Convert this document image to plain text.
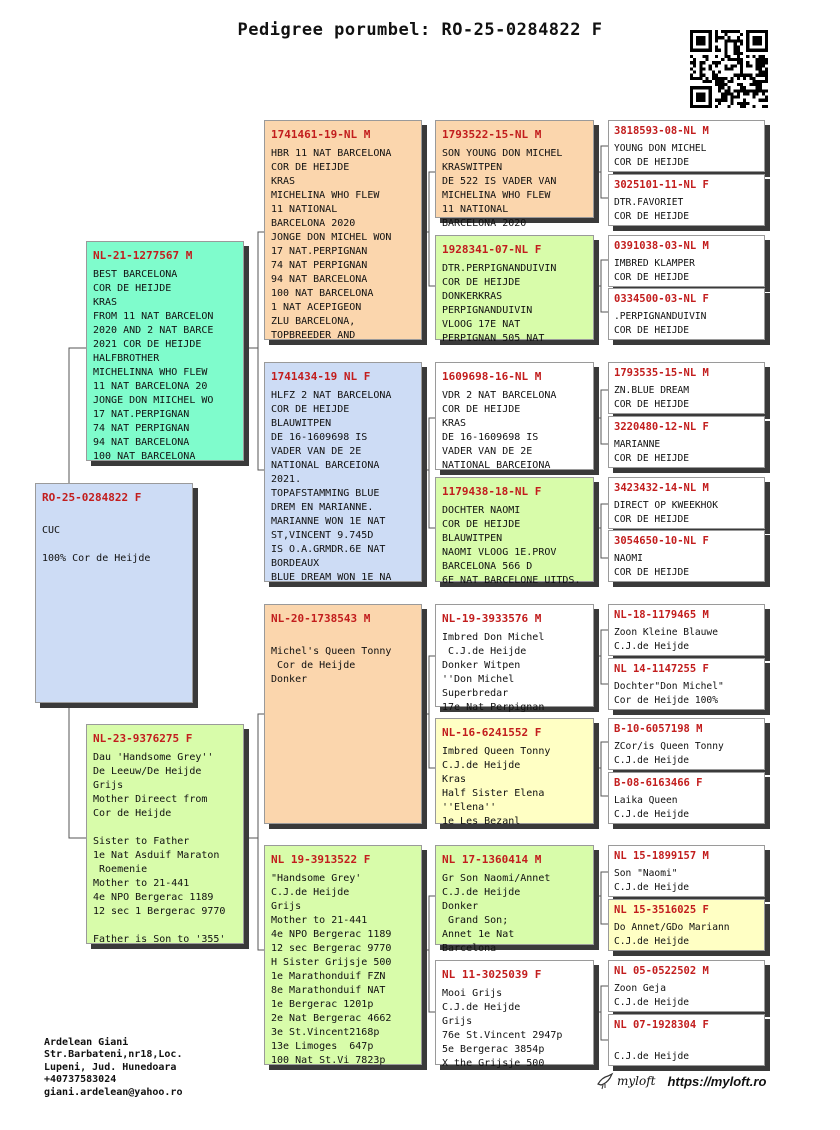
Pedigree porumbel: RO-25-0284822 F
RO-25-0284822 F

CUC

100% Cor de Heijde
NL-21-1277567 M
BEST BARCELONA
COR DE HEIJDE
KRAS
FROM 11 NAT BARCELON
2020 AND 2 NAT BARCE
2021 COR DE HEIJDE
HALFBROTHER
MICHELINNA WHO FLEW
11 NAT BARCELONA 20
JONGE DON MIICHEL WO
17 NAT.PERPIGNAN
74 NAT PERPIGNAN
94 NAT BARCELONA
100 NAT BARCELONA
NL-23-9376275 F
Dau 'Handsome Grey''
De Leeuw/De Heijde
Grijs
Mother Direect from
Cor de Heijde

Sister to Father
1e Nat Asduif Maraton
Roemenie
Mother to 21-441
4e NPO Bergerac 1189
12 sec 1 Bergerac 9770

Father is Son to '355'
1741461-19-NL M
HBR 11 NAT BARCELONA
COR DE HEIJDE
KRAS
MICHELINA WHO FLEW
11 NATIONAL
BARCELONA 2020
JONGE DON MICHEL WON
17 NAT.PERPIGNAN
74 NAT PERPIGNAN
94 NAT BARCELONA
100 NAT BARCELONA
1 NAT ACEPIGEON
ZLU BARCELONA,
TOPBREEDER AND
1741434-19 NL F
HLFZ 2 NAT BARCELONA
COR DE HEIJDE
BLAUWITPEN
DE 16-1609698 IS
VADER VAN DE 2E
NATIONAL BARCEIONA
2021.
TOPAFSTAMMING BLUE
DREM EN MARIANNE.
MARIANNE WON 1E NAT
ST,VINCENT 9.745D
IS O.A.GRMDR.6E NAT
BORDEAUX
BLUE DREAM WON 1E NA
NL-20-1738543 M

Michel's Queen Tonny
Cor de Heijde
Donker
NL 19-3913522 F
"Handsome Grey'
C.J.de Heijde
Grijs
Mother to 21-441
4e NPO Bergerac 1189
12 sec Bergerac 9770
H Sister Grijsje 500
1e Marathonduif FZN
8e Marathonduif NAT
1e Bergerac 1201p
2e Nat Bergerac 4662
3e St.Vincent2168p
13e Limoges  647p
100 Nat St.Vi 7823p
1793522-15-NL M
SON YOUNG DON MICHEL
KRASWITPEN
DE 522 IS VADER VAN
MICHELINA WHO FLEW
11 NATIONAL
BARCELONA 2020
1928341-07-NL F
DTR.PERPIGNANDUIVIN
COR DE HEIJDE
DONKERKRAS
PERPIGNANDUIVIN
VLOOG 17E NAT
PERPIGNAN 505 NAT
1609698-16-NL M
VDR 2 NAT BARCELONA
COR DE HEIJDE
KRAS
DE 16-1609698 IS
VADER VAN DE 2E
NATIONAL BARCEIONA
1179438-18-NL F
DOCHTER NAOMI
COR DE HEIJDE
BLAUWITPEN
NAOMI VLOOG 1E.PROV
BARCELONA 566 D
6E NAT BARCELONE UITDS.
NL-19-3933576 M
Imbred Don Michel
C.J.de Heijde
Donker Witpen
''Don Michel
Superbredar
17e Nat Perpignan
NL-16-6241552 F
Imbred Queen Tonny
C.J.de Heijde
Kras
Half Sister Elena
''Elena''
1e Les Bezanl
NL 17-1360414 M
Gr Son Naomi/Annet
C.J.de Heijde
Donker
Grand Son;
Annet 1e Nat
Barcelona
NL 11-3025039 F
Mooi Grijs
C.J.de Heijde
Grijs
76e St.Vincent 2947p
5e Bergerac 3854p
X the Grijsje 500
3818593-08-NL M
YOUNG DON MICHEL
COR DE HEIJDE
3025101-11-NL F
DTR.FAVORIET
COR DE HEIJDE
0391038-03-NL M
IMBRED KLAMPER
COR DE HEIJDE
0334500-03-NL F
.PERPIGNANDUIVIN
COR DE HEIJDE
1793535-15-NL M
ZN.BLUE DREAM
COR DE HEIJDE
3220480-12-NL F
MARIANNE
COR DE HEIJDE
3423432-14-NL M
DIRECT OP KWEEKHOK
COR DE HEIJDE
3054650-10-NL F
NAOMI
COR DE HEIJDE
NL-18-1179465 M
Zoon Kleine Blauwe
C.J.de Heijde
NL 14-1147255 F
Dochter"Don Michel"
Cor de Heijde 100%
B-10-6057198 M
ZCor/is Queen Tonny
C.J.de Heijde
B-08-6163466 F
Laika Queen
C.J.de Heijde
NL 15-1899157 M
Son "Naomi"
C.J.de Heijde
NL 15-3516025 F
Do Annet/GDo Mariann
C.J.de Heijde
NL 05-0522502 M
Zoon Geja
C.J.de Heijde
NL 07-1928304 F

C.J.de Heijde
Ardelean Giani
Str.Barbateni,nr18,Loc.
Lupeni, Jud. Hunedoara
+40737583024
giani.ardelean@yahoo.ro
myloft https://myloft.ro
